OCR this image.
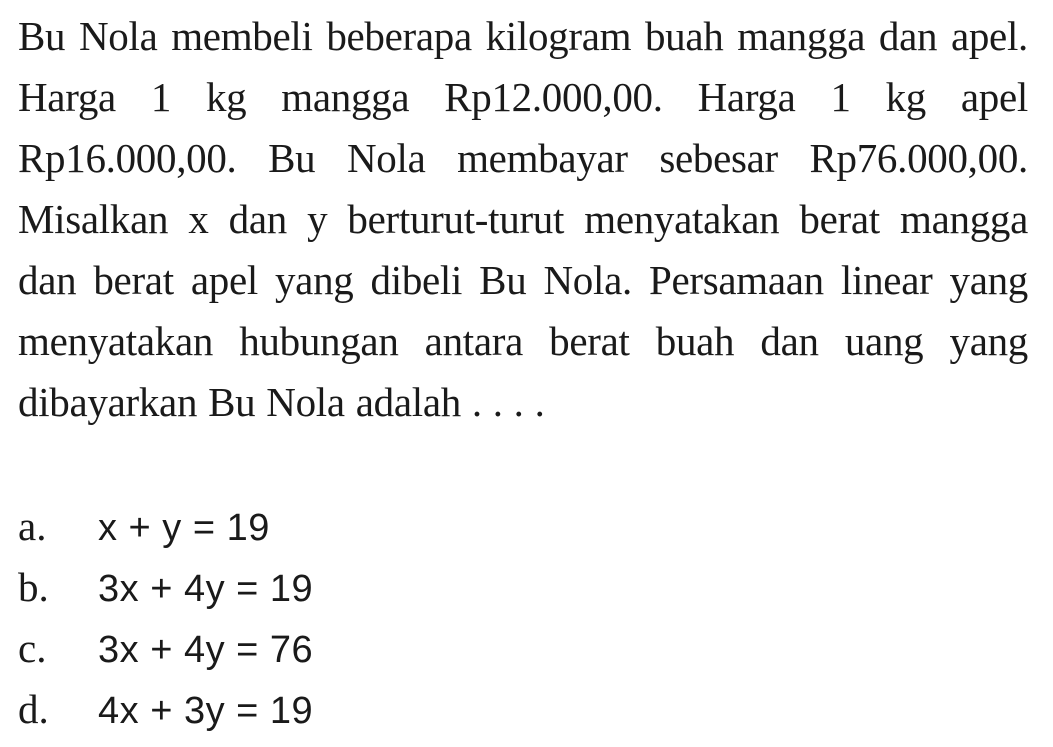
Bu Nola membeli beberapa kilogram buah mangga dan apel. Harga 1 kg mangga Rp12.000,00. Harga 1 kg apel Rp16.000,00. Bu Nola membayar sebesar Rp76.000,00. Misalkan x dan y berturut-turut menyatakan berat mangga dan berat apel yang dibeli Bu Nola. Persamaan linear yang menyatakan hubungan antara berat buah dan uang yang dibayarkan Bu Nola adalah . . . .

a.	x + y = 19
b.	3x + 4y = 19
c.	3x + 4y = 76
d.	4x + 3y = 19
